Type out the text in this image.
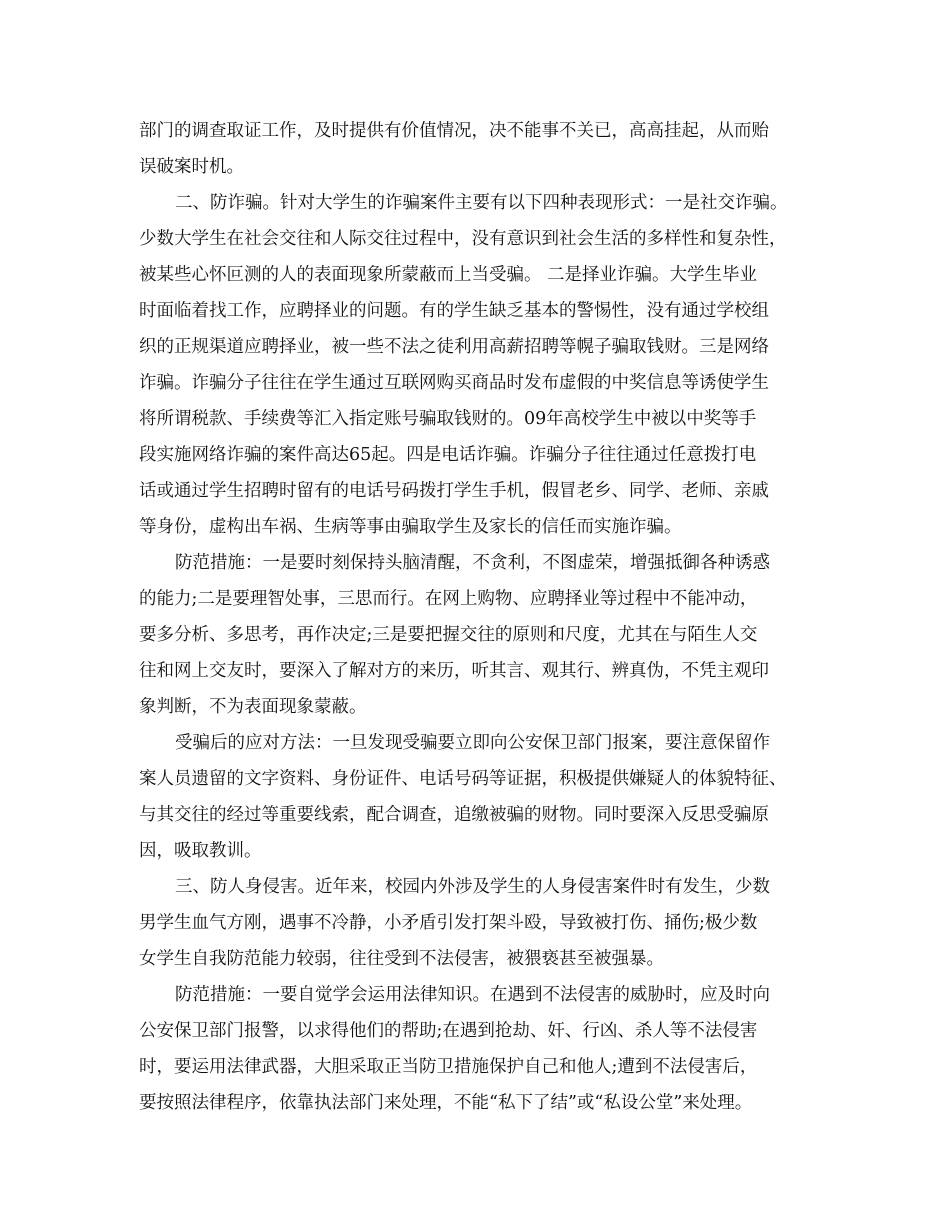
部门的调查取证工作，及时提供有价值情况，决不能事不关已，高高挂起，从而贻
误破案时机。
二、防诈骗。针对大学生的诈骗案件主要有以下四种表现形式：一是社交诈骗。
少数大学生在社会交往和人际交往过程中，没有意识到社会生活的多样性和复杂性，
被某些心怀叵测的人的表面现象所蒙蔽而上当受骗。 二是择业诈骗。大学生毕业
时面临着找工作，应聘择业的问题。有的学生缺乏基本的警惕性，没有通过学校组
织的正规渠道应聘择业，被一些不法之徒利用高薪招聘等幌子骗取钱财。三是网络
诈骗。诈骗分子往往在学生通过互联网购买商品时发布虚假的中奖信息等诱使学生
将所谓税款、手续费等汇入指定账号骗取钱财的。09年高校学生中被以中奖等手
段实施网络诈骗的案件高达65起。四是电话诈骗。诈骗分子往往通过任意拨打电
话或通过学生招聘时留有的电话号码拨打学生手机，假冒老乡、同学、老师、亲戚
等身份，虚构出车祸、生病等事由骗取学生及家长的信任而实施诈骗。
防范措施：一是要时刻保持头脑清醒，不贪利，不图虚荣，增强抵御各种诱惑
的能力;二是要理智处事，三思而行。在网上购物、应聘择业等过程中不能冲动，
要多分析、多思考，再作决定;三是要把握交往的原则和尺度，尤其在与陌生人交
往和网上交友时，要深入了解对方的来历，听其言、观其行、辨真伪，不凭主观印
象判断，不为表面现象蒙蔽。
受骗后的应对方法：一旦发现受骗要立即向公安保卫部门报案，要注意保留作
案人员遗留的文字资料、身份证件、电话号码等证据，积极提供嫌疑人的体貌特征、
与其交往的经过等重要线索，配合调查，追缴被骗的财物。同时要深入反思受骗原
因，吸取教训。
三、防人身侵害。近年来，校园内外涉及学生的人身侵害案件时有发生，少数
男学生血气方刚，遇事不冷静，小矛盾引发打架斗殴，导致被打伤、捅伤;极少数
女学生自我防范能力较弱，往往受到不法侵害，被猥亵甚至被强暴。
防范措施：一要自觉学会运用法律知识。在遇到不法侵害的威胁时，应及时向
公安保卫部门报警，以求得他们的帮助;在遇到抢劫、奸、行凶、杀人等不法侵害
时，要运用法律武器，大胆采取正当防卫措施保护自己和他人;遭到不法侵害后，
要按照法律程序，依靠执法部门来处理，不能“私下了结”或“私设公堂”来处理。
